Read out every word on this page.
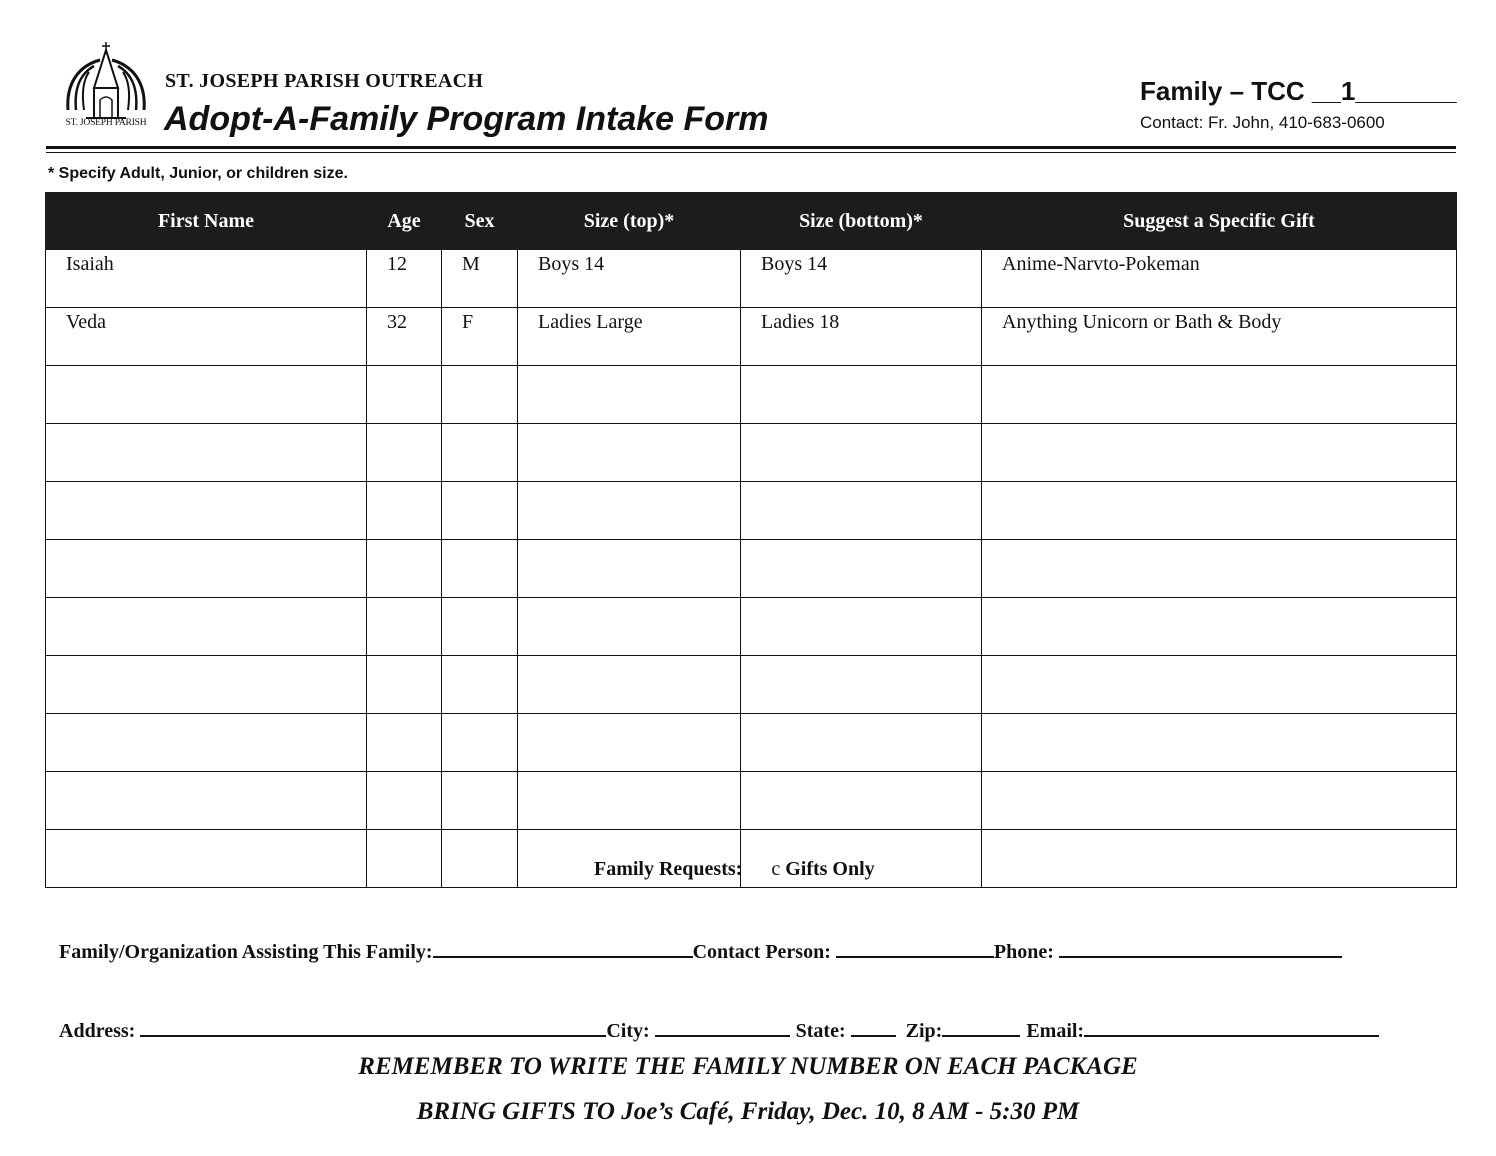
ST. JOSEPH PARISH
ST. JOSEPH PARISH OUTREACH
Adopt-A-Family Program Intake Form
Family – TCC __1_______
Contact: Fr. John, 410-683-0600
* Specify Adult, Junior, or children size.
First Name	Age	Sex	Size (top)*	Size (bottom)*	Suggest a Specific Gift
Isaiah	12	M	Boys 14	Boys 14	Anime-Narvto-Pokeman
Veda	32	F	Ladies Large	Ladies 18	Anything Unicorn or Bath & Body

Family Requests: c Gifts Only
Family/Organization Assisting This Family:	Contact Person:	Phone:
Address:	City:	State:	Zip:	Email:
REMEMBER TO WRITE THE FAMILY NUMBER ON EACH PACKAGE
BRING GIFTS TO Joe’s Café, Friday, Dec. 10, 8 AM - 5:30 PM
